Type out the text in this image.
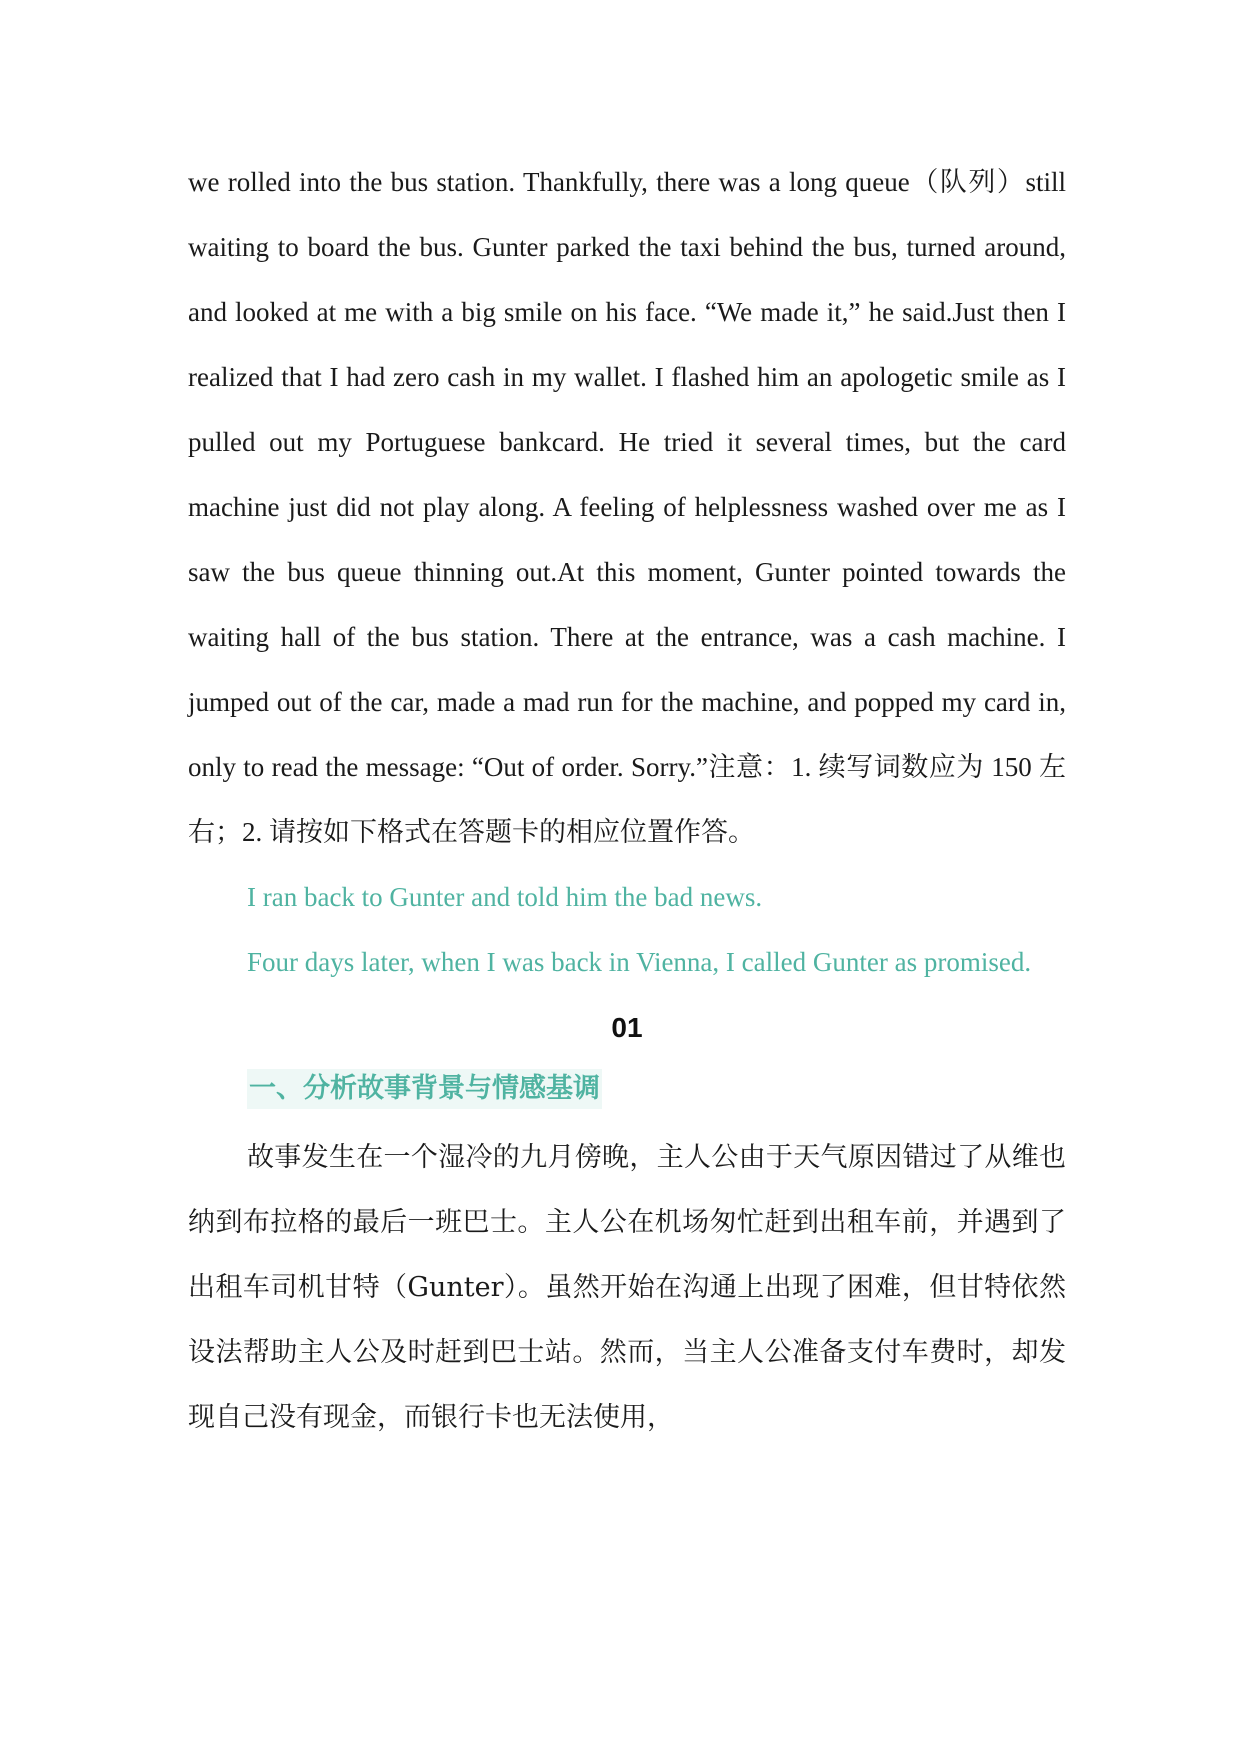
we rolled into the bus station. Thankfully, there was a long queue（队列）still waiting to board the bus. Gunter parked the taxi behind the bus, turned around, and looked at me with a big smile on his face. “We made it,” he said.Just then I realized that I had zero cash in my wallet. I flashed him an apologetic smile as I pulled out my Portuguese bankcard. He tried it several times, but the card machine just did not play along. A feeling of helplessness washed over me as I saw the bus queue thinning out.At this moment, Gunter pointed towards the waiting hall of the bus station. There at the entrance, was a cash machine. I jumped out of the car, made a mad run for the machine, and popped my card in, only to read the message: “Out of order. Sorry.”注意：1. 续写词数应为 150 左右；2. 请按如下格式在答题卡的相应位置作答。

I ran back to Gunter and told him the bad news.

Four days later, when I was back in Vienna, I called Gunter as promised.

01

一、分析故事背景与情感基调

故事发生在一个湿冷的九月傍晚，主人公由于天气原因错过了从维也纳到布拉格的最后一班巴士。主人公在机场匆忙赶到出租车前，并遇到了出租车司机甘特（Gunter）。虽然开始在沟通上出现了困难，但甘特依然设法帮助主人公及时赶到巴士站。然而，当主人公准备支付车费时，却发现自己没有现金，而银行卡也无法使用，
